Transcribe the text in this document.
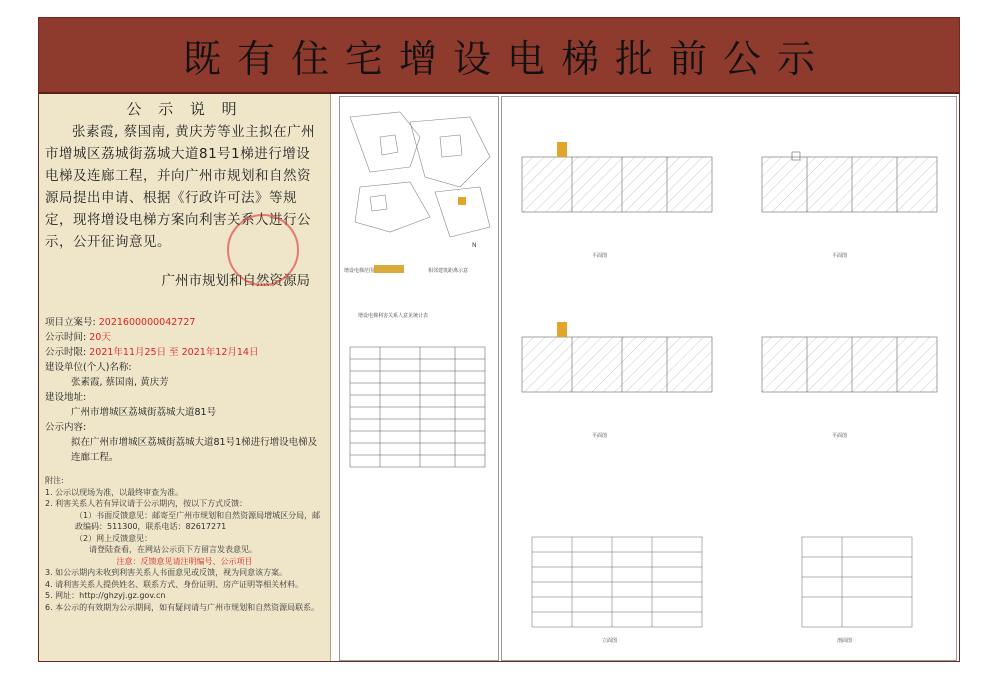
既有住宅增设电梯批前公示
公 示 说 明

张素霞, 蔡国南, 黄庆芳等业主拟在广州市增城区荔城街荔城大道81号1梯进行增设电梯及连廊工程，并向广州市规划和自然资源局提出申请、根据《行政许可法》等规定，现将增设电梯方案向利害关系人进行公示，公开征询意见。

广州市规划和自然资源局
项目立案号: 2021600000042727
公示时间: 20天
公示时限: 2021年11月25日 至 2021年12月14日
建设单位(个人)名称:
张素霞, 蔡国南, 黄庆芳
建设地址:
广州市增城区荔城街荔城大道81号
公示内容:
拟在广州市增城区荔城街荔城大道81号1梯进行增设电梯及连廊工程。
附注:
1. 公示以现场为准，以最终审查为准。
2. 利害关系人若有异议请于公示期内，按以下方式反馈：
（1）书面反馈意见：邮寄至广州市规划和自然资源局增城区分局，邮政编码：511300，联系电话：82617271
（2）网上反馈意见：
请登陆查看，在网站公示页下方留言发表意见。
注意：反馈意见请注明编号、公示项目
3. 如公示期内未收到利害关系人书面意见或反馈，视为同意该方案。
4. 请利害关系人提供姓名、联系方式、身份证明、房产证明等相关材料。
5. 网址：http://ghzyj.gz.gov.cn
6. 本公示的有效期为公示期间，如有疑问请与广州市规划和自然资源局联系。
N
增设电梯范围	相邻建筑距离示意
增设电梯利害关系人意见统计表
平面图	平面图
平面图	平面图
立面图	剖面图
